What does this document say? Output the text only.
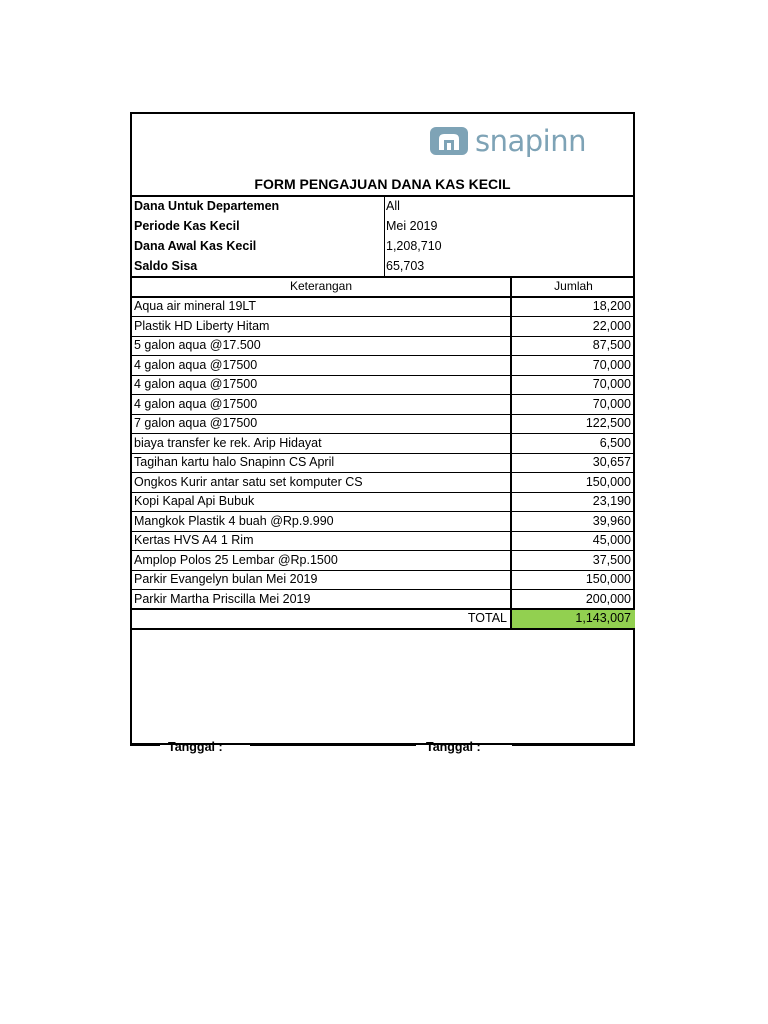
snapinn
FORM PENGAJUAN DANA KAS KECIL
Dana Untuk Departemen	All
Periode Kas Kecil	Mei 2019
Dana Awal Kas Kecil	1,208,710
Saldo Sisa	65,703
Keterangan	Jumlah
Aqua air mineral 19LT	18,200
Plastik HD Liberty Hitam	22,000
5 galon aqua @17.500	87,500
4 galon aqua @17500	70,000
4 galon aqua @17500	70,000
4 galon aqua @17500	70,000
7 galon aqua @17500	122,500
biaya transfer ke rek. Arip Hidayat	6,500
Tagihan kartu halo Snapinn CS April	30,657
Ongkos Kurir antar satu set komputer CS	150,000
Kopi Kapal Api Bubuk	23,190
Mangkok Plastik 4 buah @Rp.9.990	39,960
Kertas HVS A4 1 Rim	45,000
Amplop Polos 25 Lembar @Rp.1500	37,500
Parkir Evangelyn bulan Mei 2019	150,000
Parkir Martha Priscilla Mei 2019	200,000
TOTAL	1,143,007
Tanggal :	Tanggal :
